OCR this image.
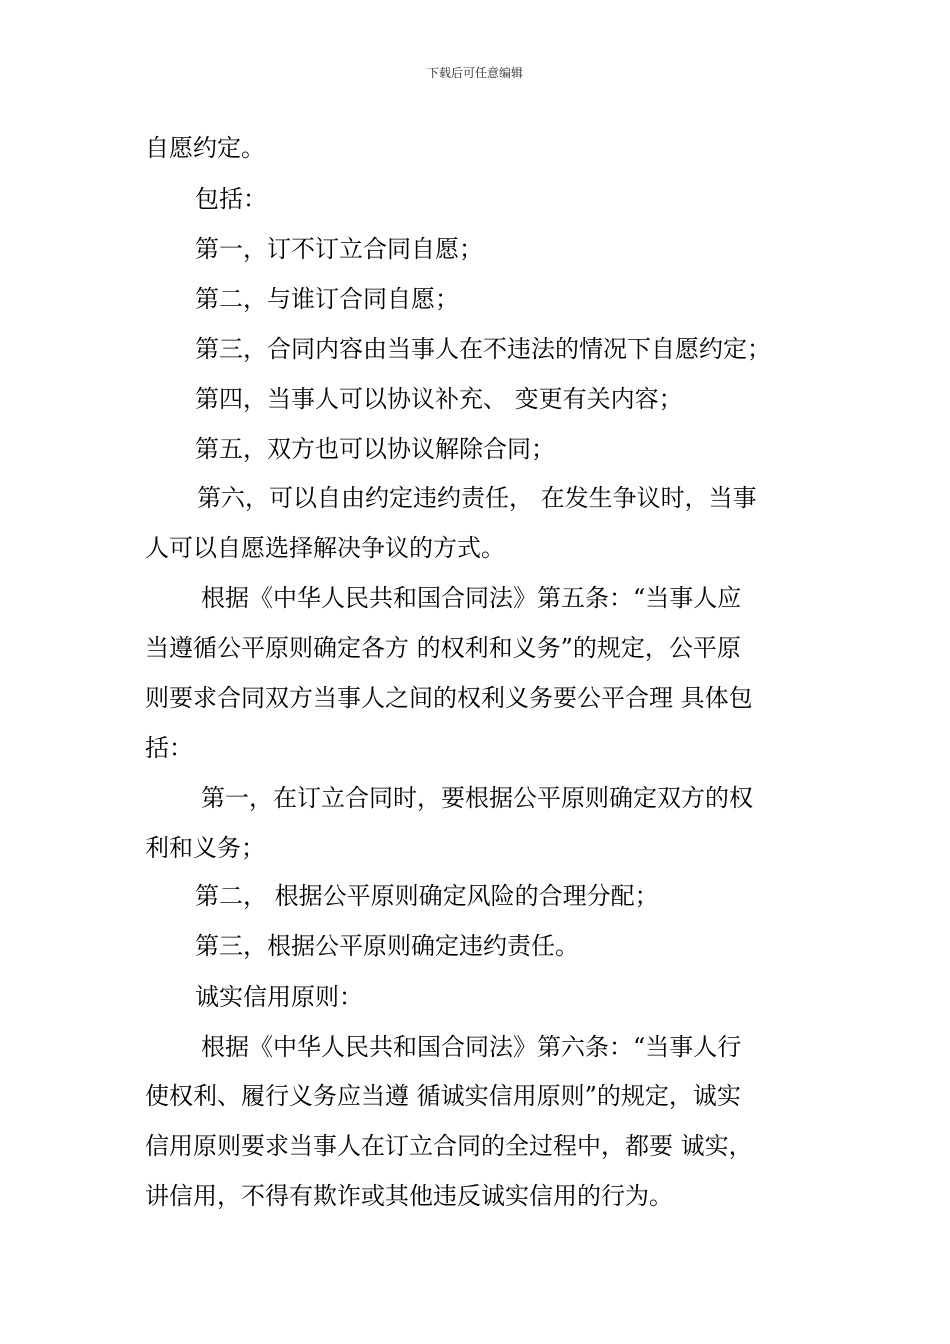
下载后可任意编辑
自愿约定。
包括：
第一，订不订立合同自愿；
第二，与谁订合同自愿；
第三，合同内容由当事人在不违法的情况下自愿约定；
第四，当事人可以协议补充、 变更有关内容；
第五，双方也可以协议解除合同；
第六，可以自由约定违约责任， 在发生争议时，当事
人可以自愿选择解决争议的方式。
根据《中华人民共和国合同法》第五条：“当事人应
当遵循公平原则确定各方 的权利和义务”的规定，公平原
则要求合同双方当事人之间的权利义务要公平合理 具体包
括：
第一，在订立合同时，要根据公平原则确定双方的权
利和义务；
第二， 根据公平原则确定风险的合理分配；
第三，根据公平原则确定违约责任。
诚实信用原则：
根据《中华人民共和国合同法》第六条：“当事人行
使权利、履行义务应当遵 循诚实信用原则”的规定，诚实
信用原则要求当事人在订立合同的全过程中，都要 诚实，
讲信用，不得有欺诈或其他违反诚实信用的行为。
